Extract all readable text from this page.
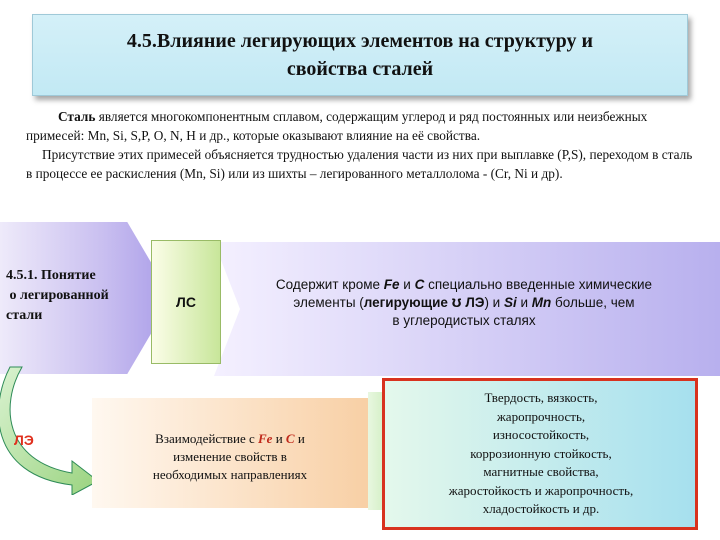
4.5.Влияние легирующих элементов на структуру и
свойства сталей

Сталь является многокомпонентным сплавом, содержащим углерод и ряд постоянных или неизбежных примесей: Mn, Si, S,P, O, N, H и др., которые оказывают влияние на её свойства.

Присутствие этих примесей объясняется трудностью удаления части из них при выплавке (P,S), переходом в сталь в процессе ее раскисления (Mn, Si) или из шихты – легированного металлолома - (Cr, Ni и др).

4.5.1. Понятие
о легированной
стали
ЛС
Содержит кроме Fe и C специально введенные химические
элементы (легирующие ʊ ЛЭ) и Si и Mn больше, чем
в углеродистых сталях
ЛЭ	Взаимодействие с Fe и C и
изменение свойств в
необходимых направлениях
Твердость, вязкость,
жаропрочность,
износостойкость,
коррозионную стойкость,
магнитные свойства,
жаростойкость и жаропрочность,
хладостойкость и др.
